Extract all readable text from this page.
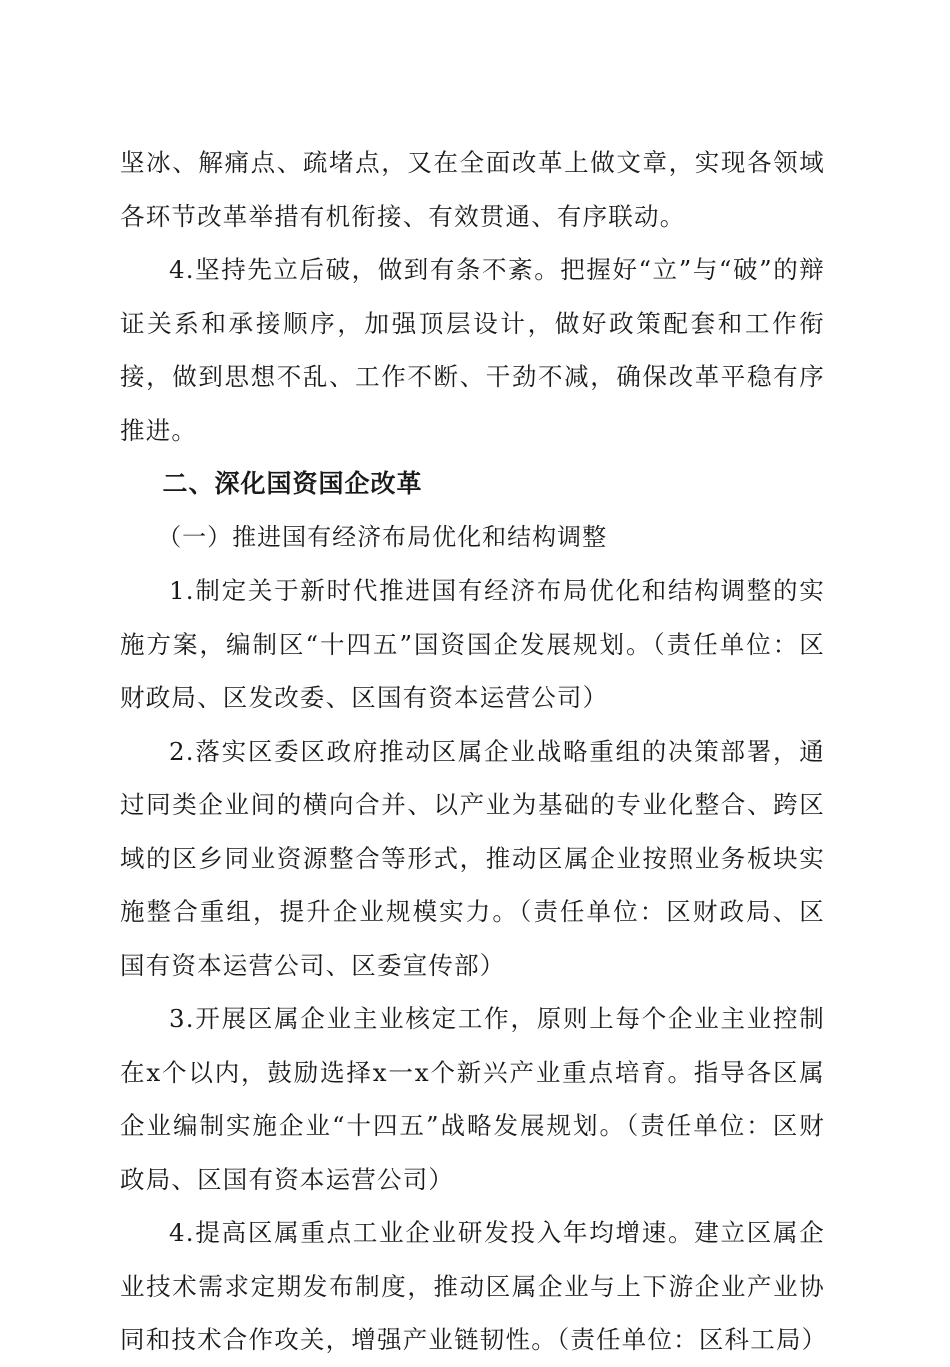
坚冰、解痛点、疏堵点，又在全面改革上做文章，实现各领域各环节改革举措有机衔接、有效贯通、有序联动。

4.坚持先立后破，做到有条不紊。把握好“立”与“破”的辩证关系和承接顺序，加强顶层设计，做好政策配套和工作衔接，做到思想不乱、工作不断、干劲不减，确保改革平稳有序推进。

二、深化国资国企改革

（一）推进国有经济布局优化和结构调整

1.制定关于新时代推进国有经济布局优化和结构调整的实施方案，编制区“十四五”国资国企发展规划。（责任单位：区财政局、区发改委、区国有资本运营公司）

2.落实区委区政府推动区属企业战略重组的决策部署，通过同类企业间的横向合并、以产业为基础的专业化整合、跨区域的区乡同业资源整合等形式，推动区属企业按照业务板块实施整合重组，提升企业规模实力。（责任单位：区财政局、区国有资本运营公司、区委宣传部）

3.开展区属企业主业核定工作，原则上每个企业主业控制在x个以内，鼓励选择x一x个新兴产业重点培育。指导各区属企业编制实施企业“十四五”战略发展规划。（责任单位：区财政局、区国有资本运营公司）

4.提高区属重点工业企业研发投入年均增速。建立区属企业技术需求定期发布制度，推动区属企业与上下游企业产业协同和技术合作攻关，增强产业链韧性。（责任单位：区科工局）
